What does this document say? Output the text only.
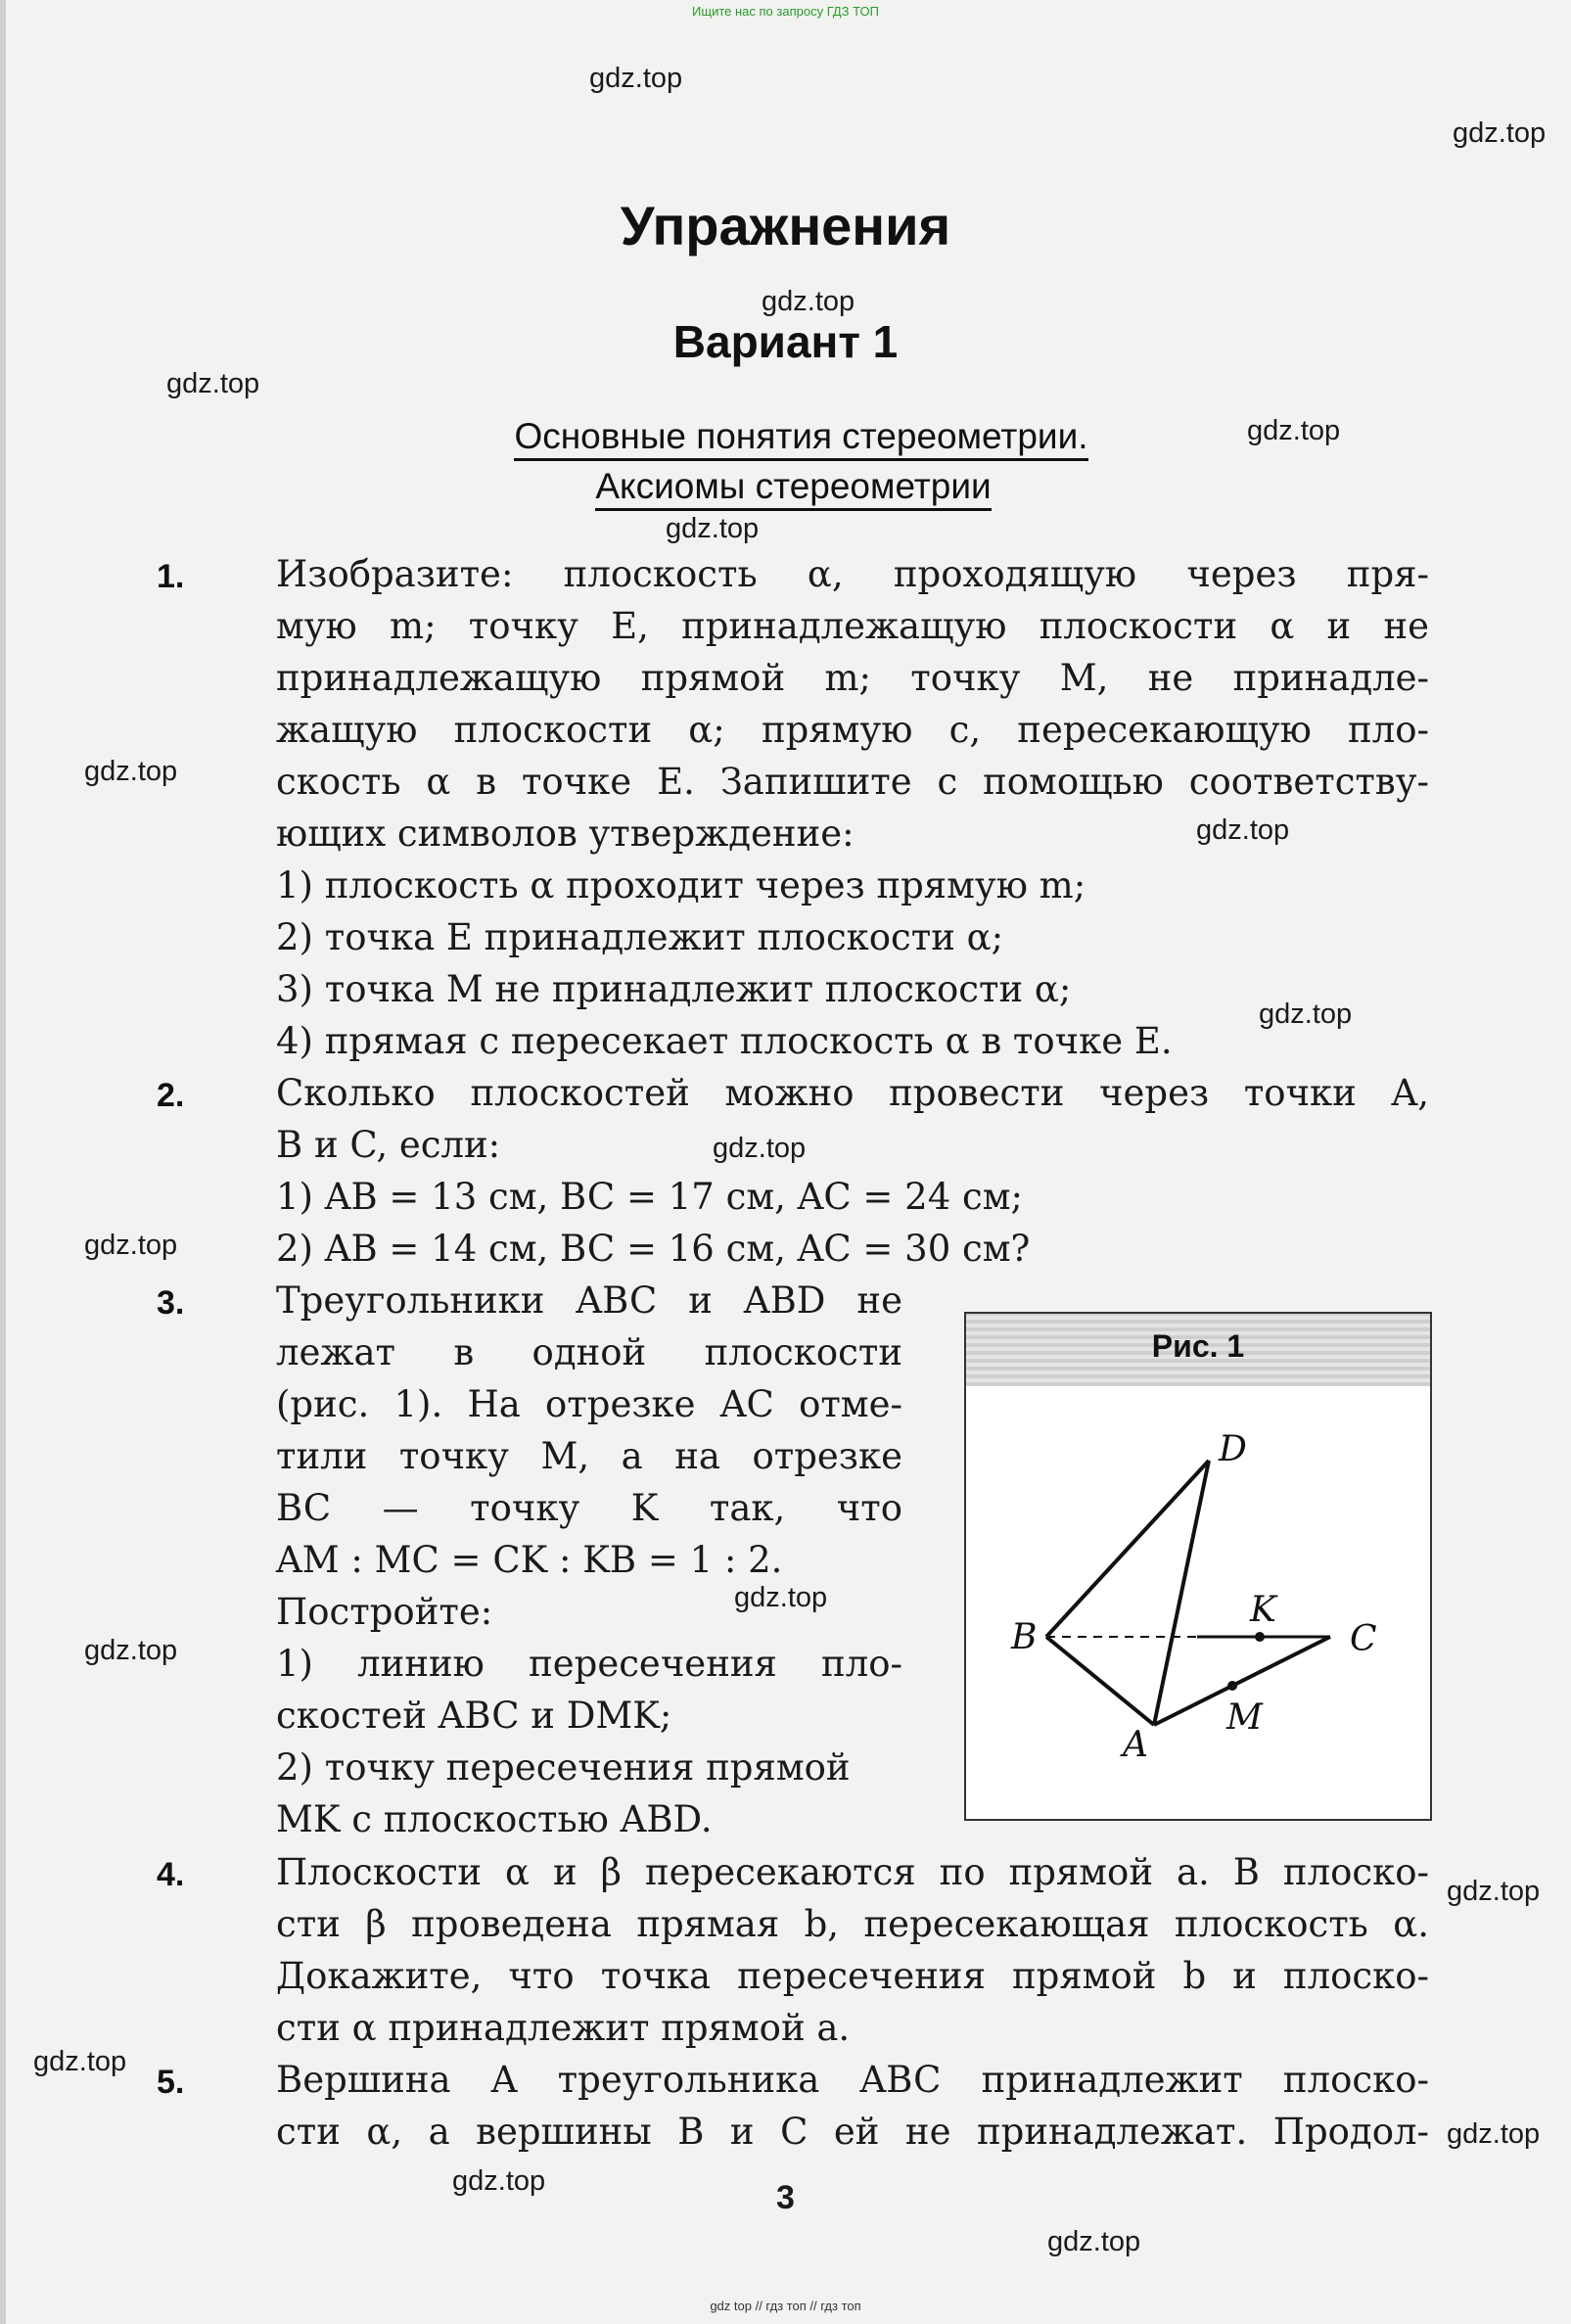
Ищите нас по запросу ГДЗ ТОП
gdz.top
gdz.top
gdz.top
gdz.top
gdz.top
gdz.top
gdz.top
gdz.top
gdz.top
gdz.top
gdz.top
gdz.top
gdz.top
gdz.top
gdz.top
gdz.top
gdz.top
gdz.top
Упражнения
Вариант 1
Основные понятия стереометрии.
Аксиомы стереометрии
1.	Изобразите: плоскость α, проходящую через пря-
мую m; точку E, принадлежащую плоскости α и не
принадлежащую прямой m; точку M, не принадле-
жащую плоскости α; прямую c, пересекающую пло-
скость α в точке E. Запишите с помощью соответству-
ющих символов утверждение:
1) плоскость α проходит через прямую m;
2) точка E принадлежит плоскости α;
3) точка M не принадлежит плоскости α;
4) прямая c пересекает плоскость α в точке E.
2.	Сколько плоскостей можно провести через точки A,
B и C, если:
1) AB = 13 см, BC = 17 см, AC = 24 см;
2) AB = 14 см, BC = 16 см, AC = 30 см?
3.	Треугольники ABC и ABD не
лежат в одной плоскости
(рис. 1). На отрезке AC отме-
тили точку M, а на отрезке
BC — точку K так, что
AM : MC = CK : KB = 1 : 2.
Постройте:
1) линию пересечения пло-
скостей ABC и DMK;
2) точку пересечения прямой
MK с плоскостью ABD.
Рис. 1
D
K
B	C
M
A
4.	Плоскости α и β пересекаются по прямой a. В плоско-
сти β проведена прямая b, пересекающая плоскость α.
Докажите, что точка пересечения прямой b и плоско-
сти α принадлежит прямой a.
5.	Вершина A треугольника ABC принадлежит плоско-
сти α, а вершины B и C ей не принадлежат. Продол-
3
gdz top // гдз топ // гдз топ
